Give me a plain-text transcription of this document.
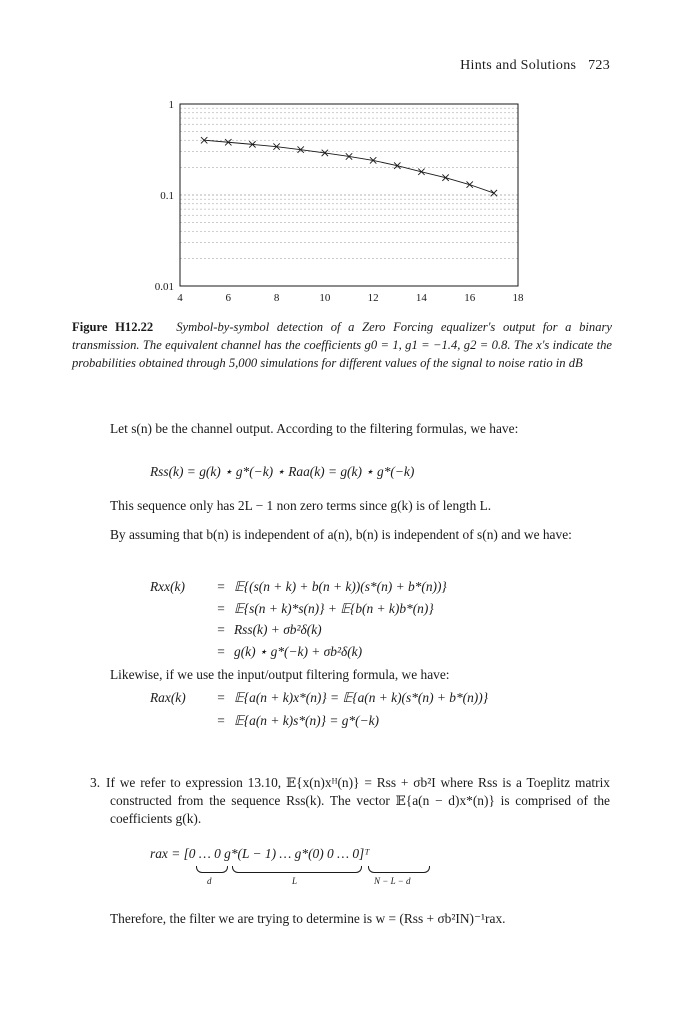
Hints and Solutions 723
1
0.1
0.01
4	6	8	10	12	14	16	18
Figure H12.22 Symbol-by-symbol detection of a Zero Forcing equalizer's output for a binary transmission. The equivalent channel has the coefficients g0 = 1, g1 = −1.4, g2 = 0.8. The x's indicate the probabilities obtained through 5,000 simulations for different values of the signal to noise ratio in dB
Let s(n) be the channel output. According to the filtering formulas, we have:
Rss(k) = g(k) ⋆ g*(−k) ⋆ Raa(k) = g(k) ⋆ g*(−k)
This sequence only has 2L − 1 non zero terms since g(k) is of length L.
By assuming that b(n) is independent of a(n), b(n) is independent of s(n) and we have:
Rxx(k) = 𝔼{(s(n + k) + b(n + k))(s*(n) + b*(n))}
= 𝔼{s(n + k)*s(n)} + 𝔼{b(n + k)b*(n)}
= Rss(k) + σb²δ(k)
= g(k) ⋆ g*(−k) + σb²δ(k)
Likewise, if we use the input/output filtering formula, we have:
Rax(k) = 𝔼{a(n + k)x*(n)} = 𝔼{a(n + k)(s*(n) + b*(n))}
= 𝔼{a(n + k)s*(n)} = g*(−k)
3. If we refer to expression 13.10, 𝔼{x(n)xᴴ(n)} = Rss + σb²I where Rss is a Toeplitz matrix constructed from the sequence Rss(k). The vector 𝔼{a(n − d)x*(n)} is comprised of the coefficients g(k).
rax = [0 … 0 g*(L − 1) … g*(0) 0 … 0]ᵀ
d	L	N − L − d
Therefore, the filter we are trying to determine is w = (Rss + σb²IN)⁻¹rax.
